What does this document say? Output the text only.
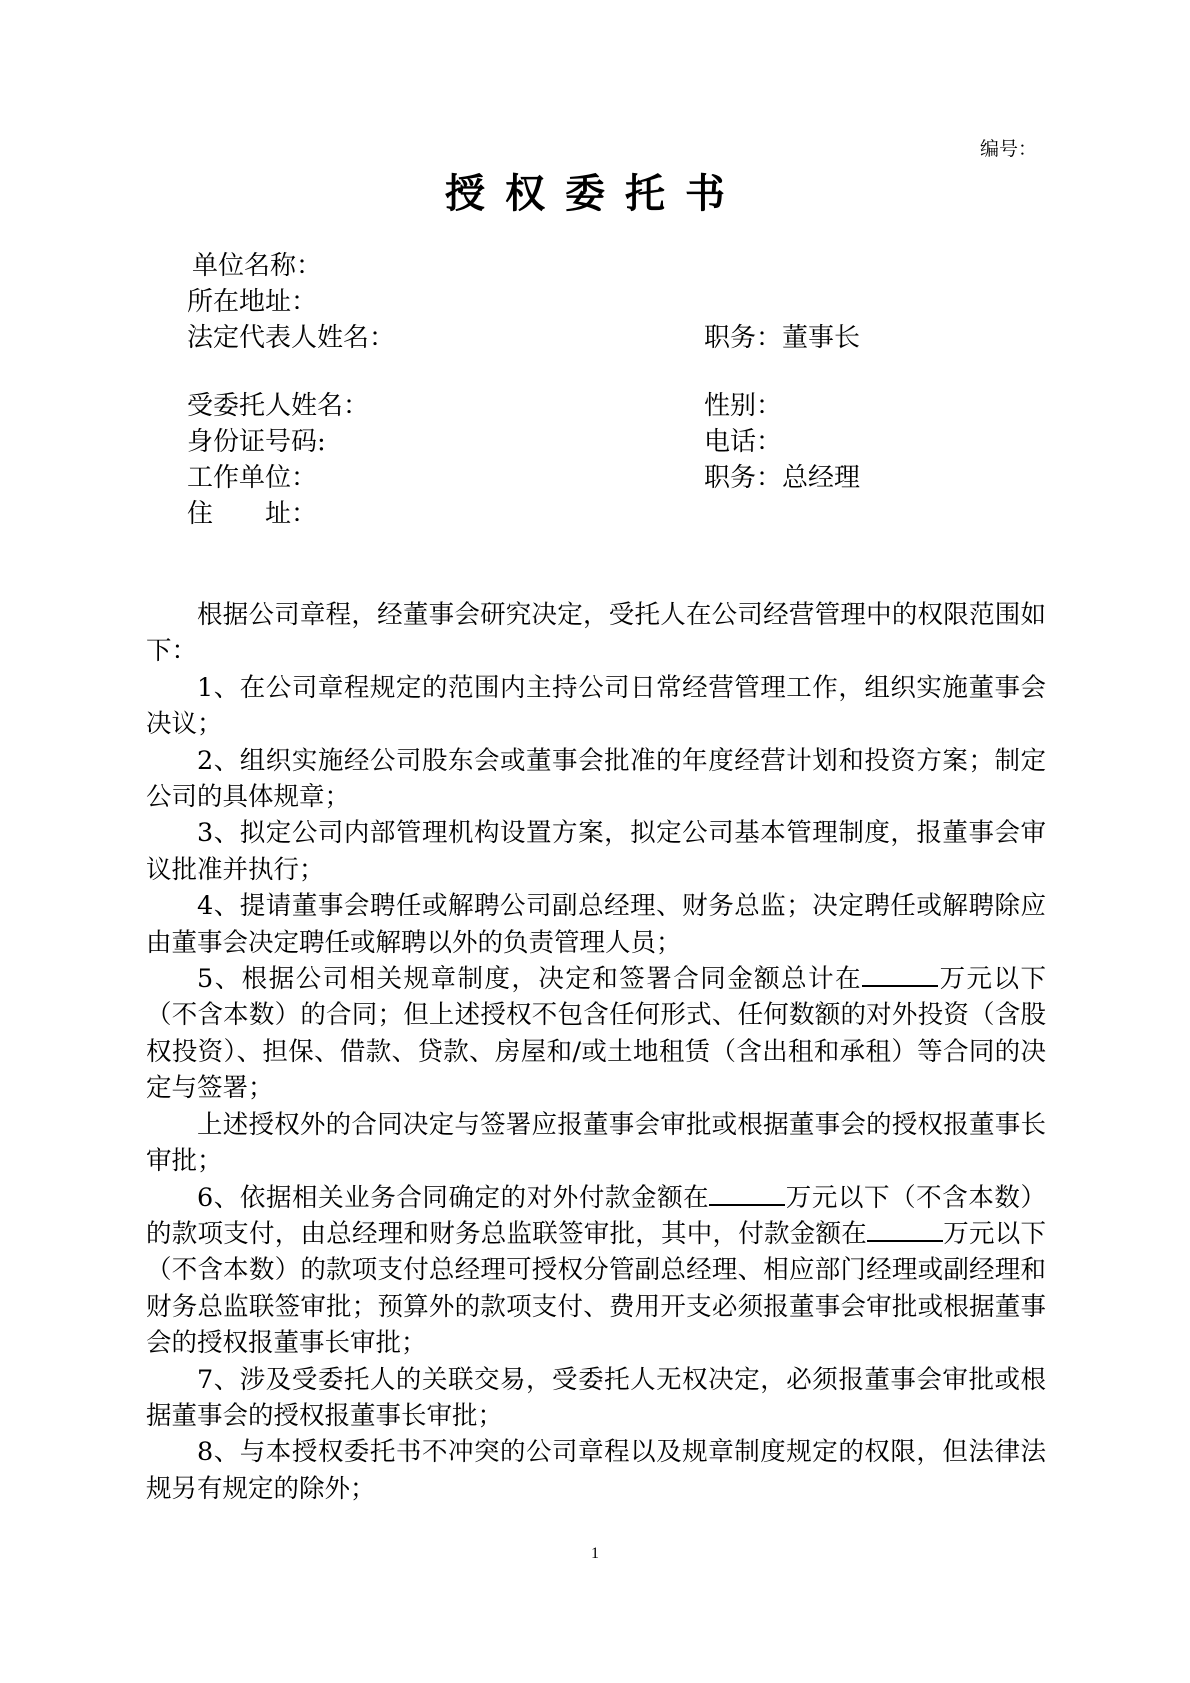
编号：
授权委托书
单位名称：
所在地址：
法定代表人姓名：	职务：董事长
受委托人姓名：	性别：
身份证号码:	电话：
工作单位：	职务：总经理
住　　址：

根据公司章程，经董事会研究决定，受托人在公司经营管理中的权限范围如下：

1、在公司章程规定的范围内主持公司日常经营管理工作，组织实施董事会决议；

2、组织实施经公司股东会或董事会批准的年度经营计划和投资方案；制定公司的具体规章；

3、拟定公司内部管理机构设置方案，拟定公司基本管理制度，报董事会审议批准并执行；

4、提请董事会聘任或解聘公司副总经理、财务总监；决定聘任或解聘除应由董事会决定聘任或解聘以外的负责管理人员；

5、根据公司相关规章制度，决定和签署合同金额总计在	万元以下（不含本数）的合同；但上述授权不包含任何形式、任何数额的对外投资（含股权投资）、担保、借款、贷款、房屋和/或土地租赁（含出租和承租）等合同的决定与签署；

上述授权外的合同决定与签署应报董事会审批或根据董事会的授权报董事长审批；

6、依据相关业务合同确定的对外付款金额在	万元以下（不含本数）的款项支付，由总经理和财务总监联签审批，其中，付款金额在	万元以下（不含本数）的款项支付总经理可授权分管副总经理、相应部门经理或副经理和财务总监联签审批；预算外的款项支付、费用开支必须报董事会审批或根据董事会的授权报董事长审批；

7、涉及受委托人的关联交易，受委托人无权决定，必须报董事会审批或根据董事会的授权报董事长审批；

8、与本授权委托书不冲突的公司章程以及规章制度规定的权限，但法律法规另有规定的除外；

1
